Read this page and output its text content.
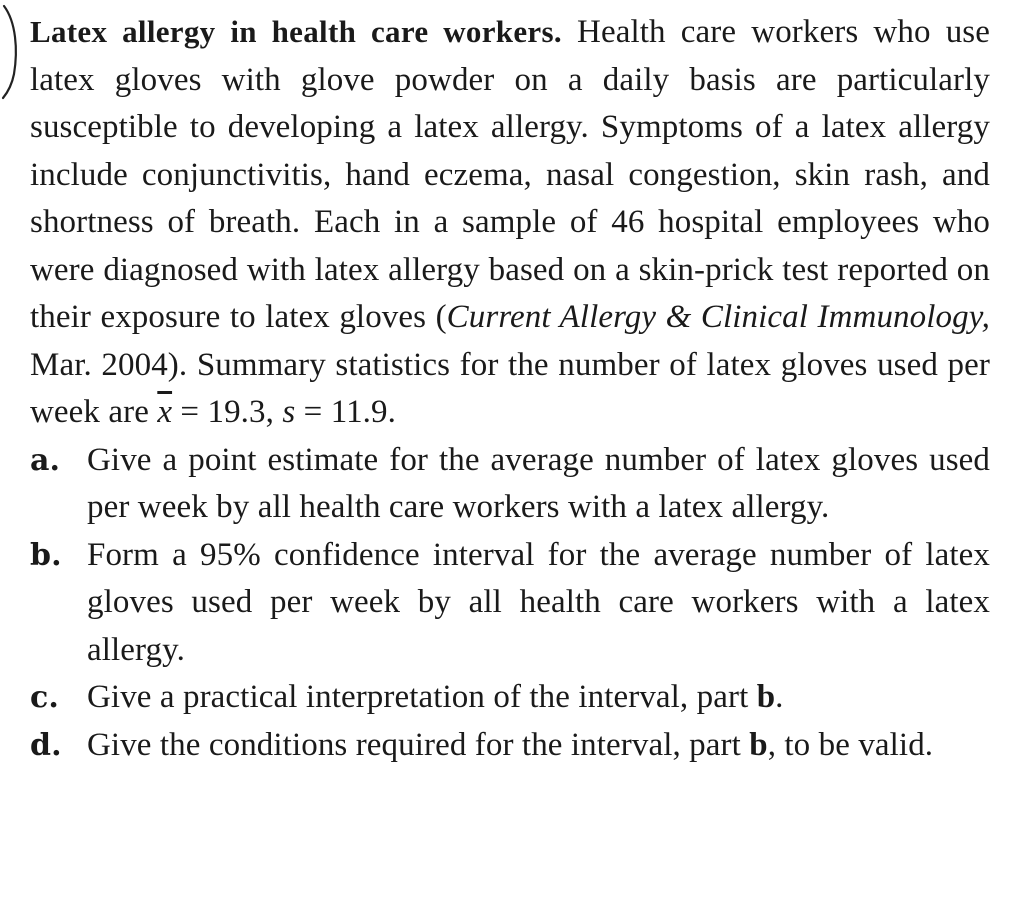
Latex allergy in health care workers. Health care workers who use latex gloves with glove powder on a daily basis are particularly susceptible to developing a latex allergy. Symptoms of a latex allergy include conjunctivitis, hand eczema, nasal congestion, skin rash, and shortness of breath. Each in a sample of 46 hospital employees who were diagnosed with latex allergy based on a skin-prick test reported on their exposure to latex gloves (Current Allergy & Clinical Immunology, Mar. 2004). Summary statistics for the number of latex gloves used per week are $\overline{x} = 19.3$, s = 11.9.

a. Give a point estimate for the average number of latex gloves used per week by all health care workers with a latex allergy.
b. Form a 95% confidence interval for the average number of latex gloves used per week by all health care workers with a latex allergy.
c. Give a practical interpretation of the interval, part b.
d. Give the conditions required for the interval, part b, to be valid.
